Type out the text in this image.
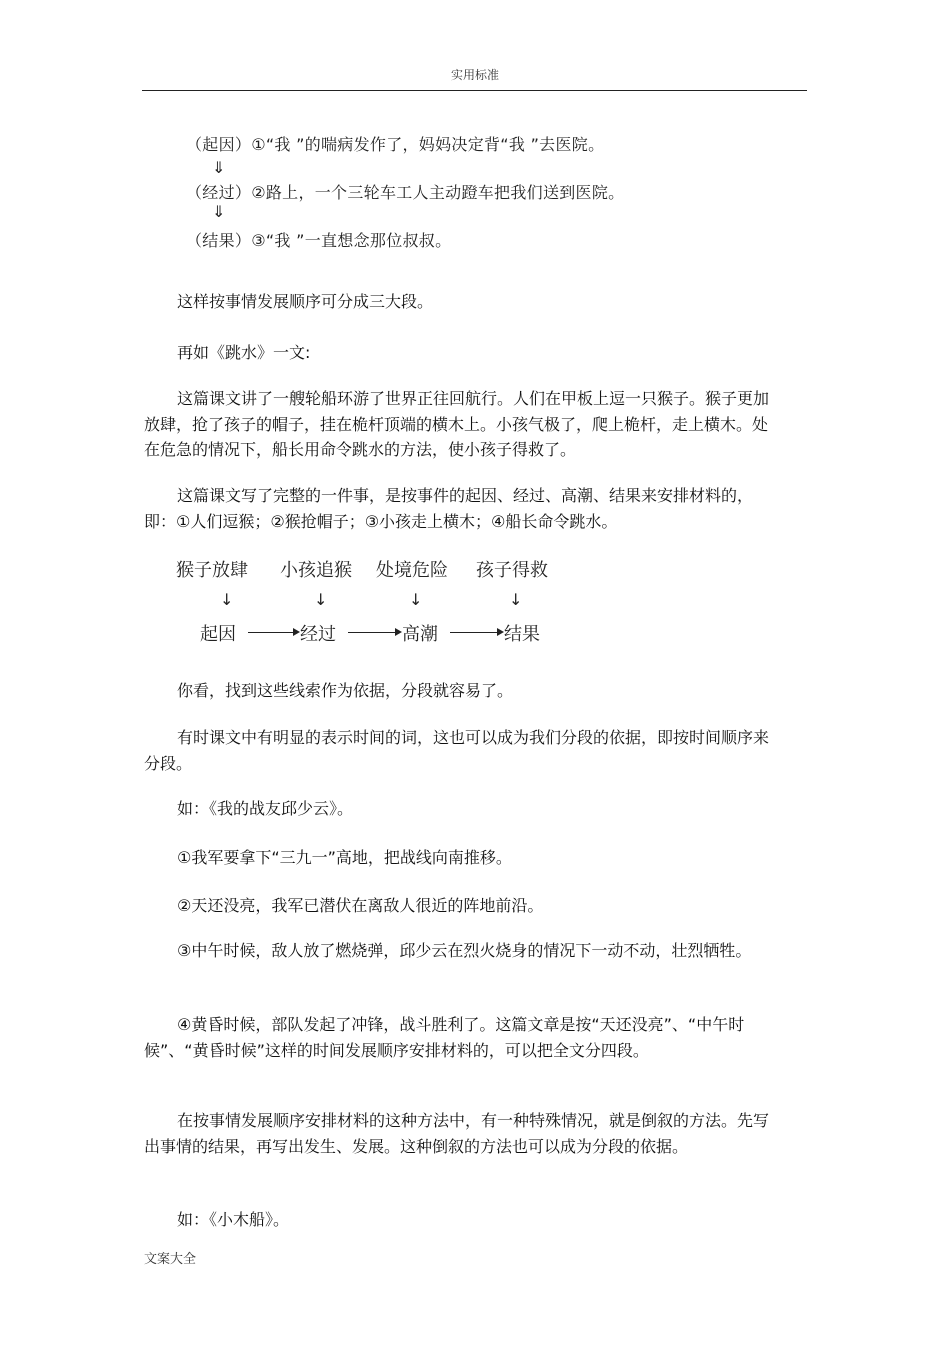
实用标准
（起因）①“我 ”的喘病发作了，妈妈决定背“我 ”去医院。
⇓
（经过）②路上，一个三轮车工人主动蹬车把我们送到医院。
⇓
（结果）③“我 ”一直想念那位叔叔。

这样按事情发展顺序可分成三大段。

再如《跳水》一文:

这篇课文讲了一艘轮船环游了世界正往回航行。人们在甲板上逗一只猴子。猴子更加放肆，抢了孩子的帽子，挂在桅杆顶端的横木上。小孩气极了，爬上桅杆，走上横木。处在危急的情况下，船长用命令跳水的方法，使小孩子得救了。

这篇课文写了完整的一件事，是按事件的起因、经过、高潮、结果来安排材料的，即：①人们逗猴；②猴抢帽子；③小孩走上横木；④船长命令跳水。

你看，找到这些线索作为依据，分段就容易了。

有时课文中有明显的表示时间的词，这也可以成为我们分段的依据，即按时间顺序来分段。

如：《我的战友邱少云》。

①我军要拿下“三九一”高地，把战线向南推移。

②天还没亮，我军已潜伏在离敌人很近的阵地前沿。

③中午时候，敌人放了燃烧弹，邱少云在烈火烧身的情况下一动不动，壮烈牺牲。

④黄昏时候，部队发起了冲锋，战斗胜利了。这篇文章是按“天还没亮”、“中午时候”、“黄昏时候”这样的时间发展顺序安排材料的，可以把全文分四段。

在按事情发展顺序安排材料的这种方法中，有一种特殊情况，就是倒叙的方法。先写出事情的结果，再写出发生、发展。这种倒叙的方法也可以成为分段的依据。

如：《小木船》。

猴子放肆 小孩追猴 处境危险 孩子得救
↓	↓	↓	↓
起因	经过	高潮	结果
文案大全
